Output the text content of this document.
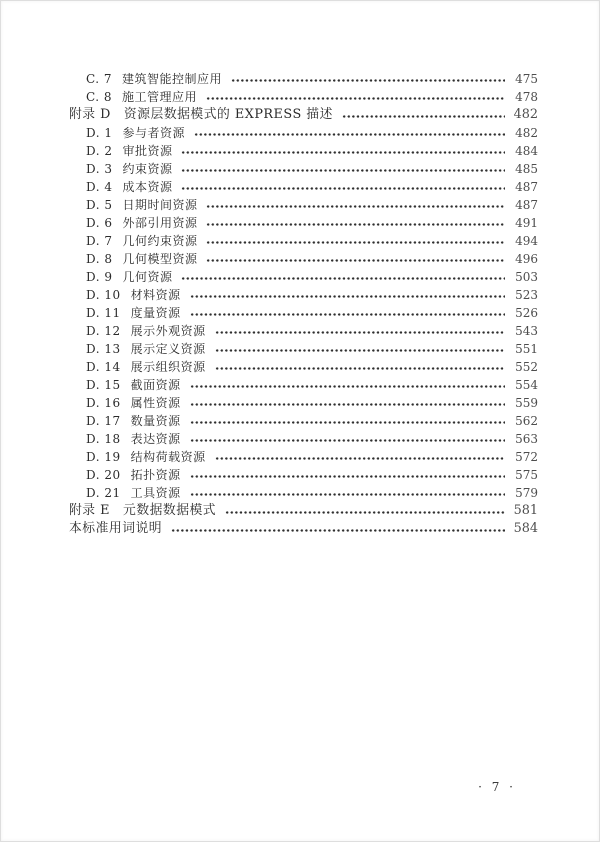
C. 7 建筑智能控制应用	475
C. 8 施工管理应用	478
附录 D 资源层数据模式的 EXPRESS 描述	482
D. 1 参与者资源	482
D. 2 审批资源	484
D. 3 约束资源	485
D. 4 成本资源	487
D. 5 日期时间资源	487
D. 6 外部引用资源	491
D. 7 几何约束资源	494
D. 8 几何模型资源	496
D. 9 几何资源	503
D. 10 材料资源	523
D. 11 度量资源	526
D. 12 展示外观资源	543
D. 13 展示定义资源	551
D. 14 展示组织资源	552
D. 15 截面资源	554
D. 16 属性资源	559
D. 17 数量资源	562
D. 18 表达资源	563
D. 19 结构荷载资源	572
D. 20 拓扑资源	575
D. 21 工具资源	579
附录 E 元数据数据模式	581
本标准用词说明	584
· 7 ·
